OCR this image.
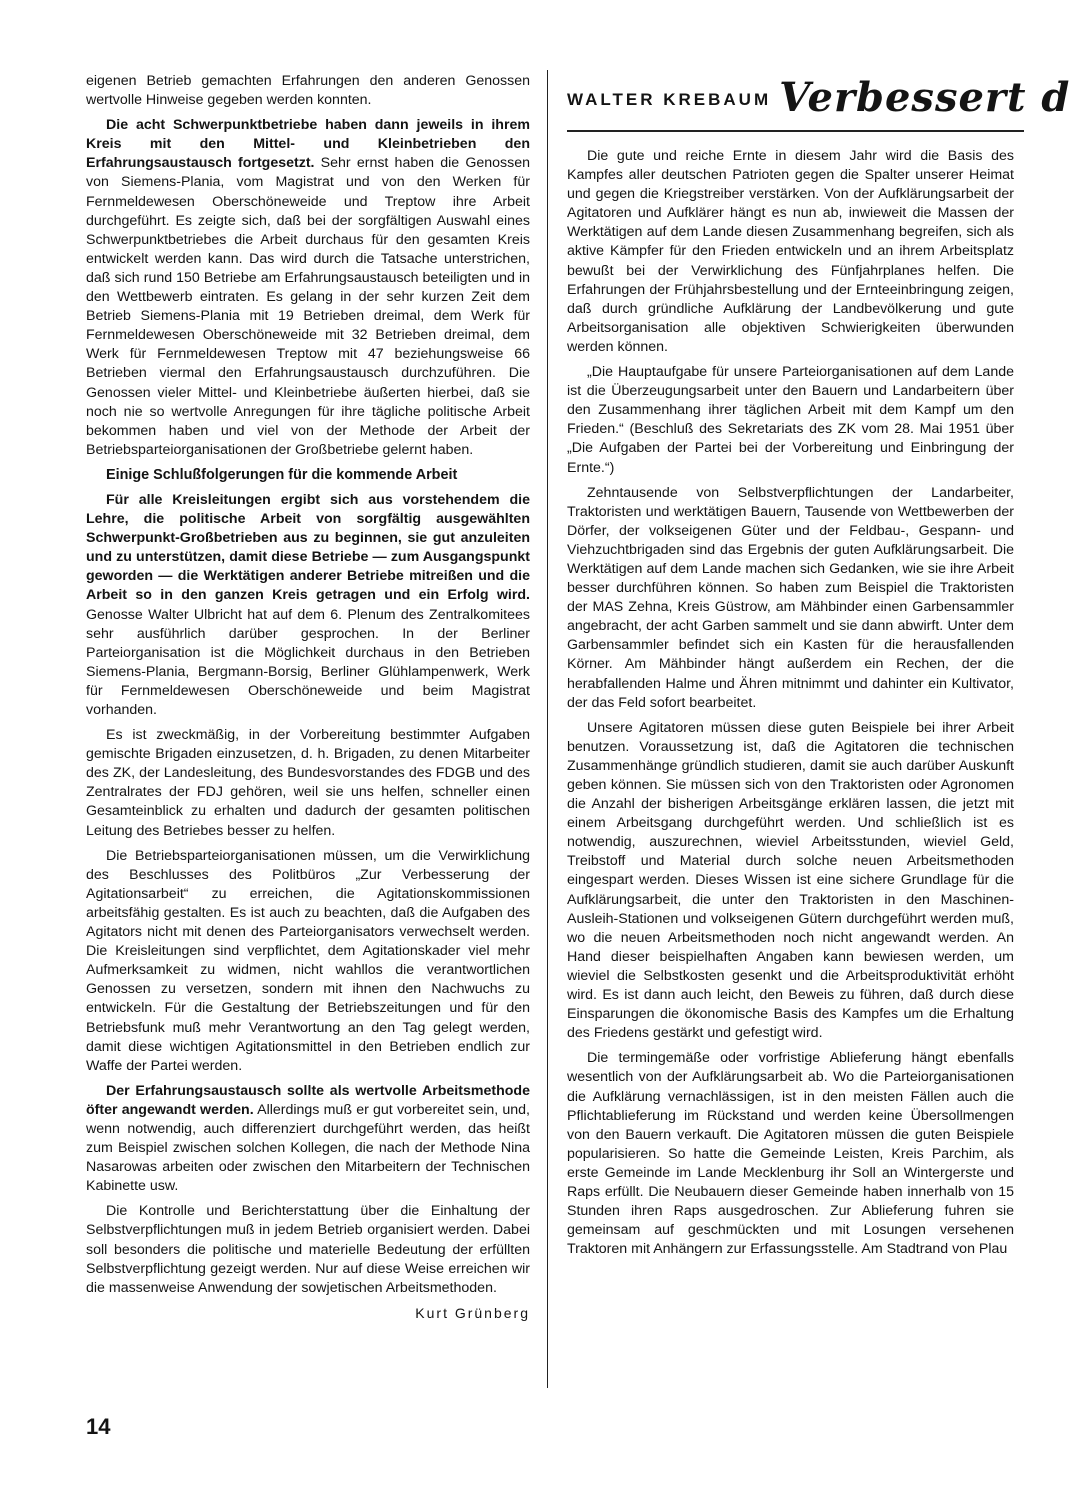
eigenen Betrieb gemachten Erfahrungen den anderen Genossen wertvolle Hinweise gegeben werden konnten.

Die acht Schwerpunktbetriebe haben dann jeweils in ihrem Kreis mit den Mittel- und Kleinbetrieben den Erfahrungsaustausch fortgesetzt. Sehr ernst haben die Genossen von Siemens-Plania, vom Magistrat und von den Werken für Fernmeldewesen Oberschöneweide und Treptow ihre Arbeit durchgeführt. Es zeigte sich, daß bei der sorgfältigen Auswahl eines Schwerpunktbetriebes die Arbeit durchaus für den gesamten Kreis entwickelt werden kann. Das wird durch die Tatsache unterstrichen, daß sich rund 150 Betriebe am Erfahrungsaustausch beteiligten und in den Wettbewerb eintraten. Es gelang in der sehr kurzen Zeit dem Betrieb Siemens-Plania mit 19 Betrieben dreimal, dem Werk für Fernmeldewesen Oberschöneweide mit 32 Betrieben dreimal, dem Werk für Fernmeldewesen Treptow mit 47 beziehungsweise 66 Betrieben viermal den Erfahrungsaustausch durchzuführen. Die Genossen vieler Mittel- und Kleinbetriebe äußerten hierbei, daß sie noch nie so wertvolle Anregungen für ihre tägliche politische Arbeit bekommen haben und viel von der Methode der Arbeit der Betriebsparteiorganisationen der Großbetriebe gelernt haben.

Einige Schlußfolgerungen für die kommende Arbeit

Für alle Kreisleitungen ergibt sich aus vorstehendem die Lehre, die politische Arbeit von sorgfältig ausgewählten Schwerpunkt-Großbetrieben aus zu beginnen, sie gut anzuleiten und zu unterstützen, damit diese Betriebe — zum Ausgangspunkt geworden — die Werktätigen anderer Betriebe mitreißen und die Arbeit so in den ganzen Kreis getragen und ein Erfolg wird. Genosse Walter Ulbricht hat auf dem 6. Plenum des Zentralkomitees sehr ausführlich darüber gesprochen. In der Berliner Parteiorganisation ist die Möglichkeit durchaus in den Betrieben Siemens-Plania, Bergmann-Borsig, Berliner Glühlampenwerk, Werk für Fernmeldewesen Oberschöneweide und beim Magistrat vorhanden.

Es ist zweckmäßig, in der Vorbereitung bestimmter Aufgaben gemischte Brigaden einzusetzen, d. h. Brigaden, zu denen Mitarbeiter des ZK, der Landesleitung, des Bundesvorstandes des FDGB und des Zentralrates der FDJ gehören, weil sie uns helfen, schneller einen Gesamteinblick zu erhalten und dadurch der gesamten politischen Leitung des Betriebes besser zu helfen.

Die Betriebsparteiorganisationen müssen, um die Verwirklichung des Beschlusses des Politbüros „Zur Verbesserung der Agitationsarbeit“ zu erreichen, die Agitationskommissionen arbeitsfähig gestalten. Es ist auch zu beachten, daß die Aufgaben des Agitators nicht mit denen des Parteiorganisators verwechselt werden. Die Kreisleitungen sind verpflichtet, dem Agitationskader viel mehr Aufmerksamkeit zu widmen, nicht wahllos die verantwortlichen Genossen zu versetzen, sondern mit ihnen den Nachwuchs zu entwickeln. Für die Gestaltung der Betriebszeitungen und für den Betriebsfunk muß mehr Verantwortung an den Tag gelegt werden, damit diese wichtigen Agitationsmittel in den Betrieben endlich zur Waffe der Partei werden.

Der Erfahrungsaustausch sollte als wertvolle Arbeitsmethode öfter angewandt werden. Allerdings muß er gut vorbereitet sein, und, wenn notwendig, auch differenziert durchgeführt werden, das heißt zum Beispiel zwischen solchen Kollegen, die nach der Methode Nina Nasarowas arbeiten oder zwischen den Mitarbeitern der Technischen Kabinette usw.

Die Kontrolle und Berichterstattung über die Einhaltung der Selbstverpflichtungen muß in jedem Betrieb organisiert werden. Dabei soll besonders die politische und materielle Bedeutung der erfüllten Selbstverpflichtung gezeigt werden. Nur auf diese Weise erreichen wir die massenweise Anwendung der sowjetischen Arbeitsmethoden.

Kurt Grünberg
WALTER KREBAUM Verbessert d

Die gute und reiche Ernte in diesem Jahr wird die Basis des Kampfes aller deutschen Patrioten gegen die Spalter unserer Heimat und gegen die Kriegstreiber verstärken. Von der Aufklärungsarbeit der Agitatoren und Aufklärer hängt es nun ab, inwieweit die Massen der Werktätigen auf dem Lande diesen Zusammenhang begreifen, sich als aktive Kämpfer für den Frieden entwickeln und an ihrem Arbeitsplatz bewußt bei der Verwirklichung des Fünfjahrplanes helfen. Die Erfahrungen der Frühjahrsbestellung und der Ernteeinbringung zeigen, daß durch gründliche Aufklärung der Landbevölkerung und gute Arbeitsorganisation alle objektiven Schwierigkeiten überwunden werden können.

„Die Hauptaufgabe für unsere Parteiorganisationen auf dem Lande ist die Überzeugungsarbeit unter den Bauern und Landarbeitern über den Zusammenhang ihrer täglichen Arbeit mit dem Kampf um den Frieden.“ (Beschluß des Sekretariats des ZK vom 28. Mai 1951 über „Die Aufgaben der Partei bei der Vorbereitung und Einbringung der Ernte.“)

Zehntausende von Selbstverpflichtungen der Landarbeiter, Traktoristen und werktätigen Bauern, Tausende von Wettbewerben der Dörfer, der volkseigenen Güter und der Feldbau-, Gespann- und Viehzuchtbrigaden sind das Ergebnis der guten Aufklärungsarbeit. Die Werktätigen auf dem Lande machen sich Gedanken, wie sie ihre Arbeit besser durchführen können. So haben zum Beispiel die Traktoristen der MAS Zehna, Kreis Güstrow, am Mähbinder einen Garbensammler angebracht, der acht Garben sammelt und sie dann abwirft. Unter dem Garbensammler befindet sich ein Kasten für die herausfallenden Körner. Am Mähbinder hängt außerdem ein Rechen, der die herabfallenden Halme und Ähren mitnimmt und dahinter ein Kultivator, der das Feld sofort bearbeitet.

Unsere Agitatoren müssen diese guten Beispiele bei ihrer Arbeit benutzen. Voraussetzung ist, daß die Agitatoren die technischen Zusammenhänge gründlich studieren, damit sie auch darüber Auskunft geben können. Sie müssen sich von den Traktoristen oder Agronomen die Anzahl der bisherigen Arbeitsgänge erklären lassen, die jetzt mit einem Arbeitsgang durchgeführt werden. Und schließlich ist es notwendig, auszurechnen, wieviel Arbeitsstunden, wieviel Geld, Treibstoff und Material durch solche neuen Arbeitsmethoden eingespart werden. Dieses Wissen ist eine sichere Grundlage für die Aufklärungsarbeit, die unter den Traktoristen in den Maschinen-Ausleih-Stationen und volkseigenen Gütern durchgeführt werden muß, wo die neuen Arbeitsmethoden noch nicht angewandt werden. An Hand dieser beispielhaften Angaben kann bewiesen werden, um wieviel die Selbstkosten gesenkt und die Arbeitsproduktivität erhöht wird. Es ist dann auch leicht, den Beweis zu führen, daß durch diese Einsparungen die ökonomische Basis des Kampfes um die Erhaltung des Friedens gestärkt und gefestigt wird.

Die termingemäße oder vorfristige Ablieferung hängt ebenfalls wesentlich von der Aufklärungsarbeit ab. Wo die Parteiorganisationen die Aufklärung vernachlässigen, ist in den meisten Fällen auch die Pflichtablieferung im Rückstand und werden keine Übersollmengen von den Bauern verkauft. Die Agitatoren müssen die guten Beispiele popularisieren. So hatte die Gemeinde Leisten, Kreis Parchim, als erste Gemeinde im Lande Mecklenburg ihr Soll an Wintergerste und Raps erfüllt. Die Neubauern dieser Gemeinde haben innerhalb von 15 Stunden ihren Raps ausgedroschen. Zur Ablieferung fuhren sie gemeinsam auf geschmückten und mit Losungen versehenen Traktoren mit Anhängern zur Erfassungsstelle. Am Stadtrand von Plau

14
